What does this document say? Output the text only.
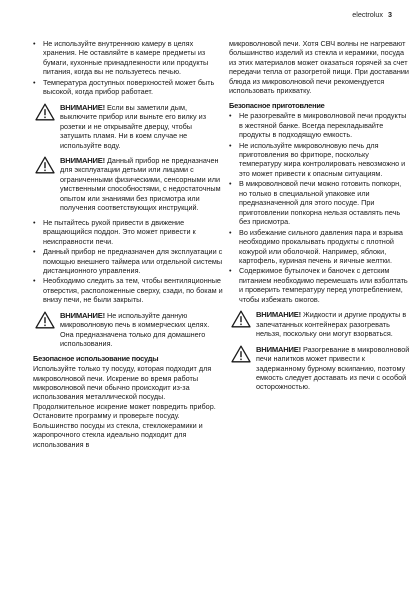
electrolux 3

• Не используйте внутреннюю камеру в целях хранения. Не оставляйте в камере предметы из бумаги, кухонные принадлежности или продукты питания, когда вы не пользуетесь печью.

• Температура доступных поверхностей может быть высокой, когда прибор работает.

ВНИМАНИЕ! Если вы заметили дым, выключите прибор или выньте его вилку из розетки и не открывайте дверцу, чтобы затушить пламя. Ни в коем случае не используйте воду.
ВНИМАНИЕ! Данный прибор не предназначен для эксплуатации детьми или лицами с ограниченными физическими, сенсорными или умственными способностями, с недостаточным опытом или знаниями без присмотра или получения соответствующих инструкций.

• Не пытайтесь рукой привести в движение вращающийся поддон. Это может привести к неисправности печи.

• Данный прибор не предназначен для эксплуатации с помощью внешнего таймера или отдельной системы дистанционного управления.

• Необходимо следить за тем, чтобы вентиляционные отверстия, расположенные сверху, сзади, по бокам и внизу печи, не были закрыты.

ВНИМАНИЕ! Не используйте данную микроволновую печь в коммерческих целях. Она предназначена только для домашнего использования.
Безопасное использование посуды

Используйте только ту посуду, которая подходит для микроволновой печи. Искрение во время работы микроволновой печи обычно происходит из-за использования металлической посуды. Продолжительное искрение может повредить прибор. Остановите программу и проверьте посуду. Большинство посуды из стекла, стеклокерамики и жаропрочного стекла идеально подходит для использования в

микроволновой печи. Хотя СВЧ волны не нагревают большинство изделий из стекла и керамики, посуда из этих материалов может оказаться горячей за счет передачи тепла от разогретой пищи. При доставании блюда из микроволновой печи рекомендуется использовать прихватку.

Безопасное приготовление

• Не разогревайте в микроволновой печи продукты в жестяной банке. Всегда перекладывайте продукты в подходящую емкость.

• Не используйте микроволновую печь для приготовления во фритюре, поскольку температуру жира контролировать невозможно и это может привести к опасным ситуациям.

• В микроволновой печи можно готовить попкорн, но только в специальной упаковке или предназначенной для этого посуде. При приготовлении попкорна нельзя оставлять печь без присмотра.

• Во избежание сильного давления пара и взрыва необходимо прокалывать продукты с плотной кожурой или оболочкой. Например, яблоки, картофель, куриная печень и яичные желтки.

• Содержимое бутылочек и баночек с детским питанием необходимо перемешать или взболтать и проверить температуру перед употреблением, чтобы избежать ожогов.

ВНИМАНИЕ! Жидкости и другие продукты в запечатанных контейнерах разогревать нельзя, поскольку они могут взорваться.
ВНИМАНИЕ! Разогревание в микроволновой печи напитков может привести к задержанному бурному вскипанию, поэтому емкость следует доставать из печи с особой осторожностью.
